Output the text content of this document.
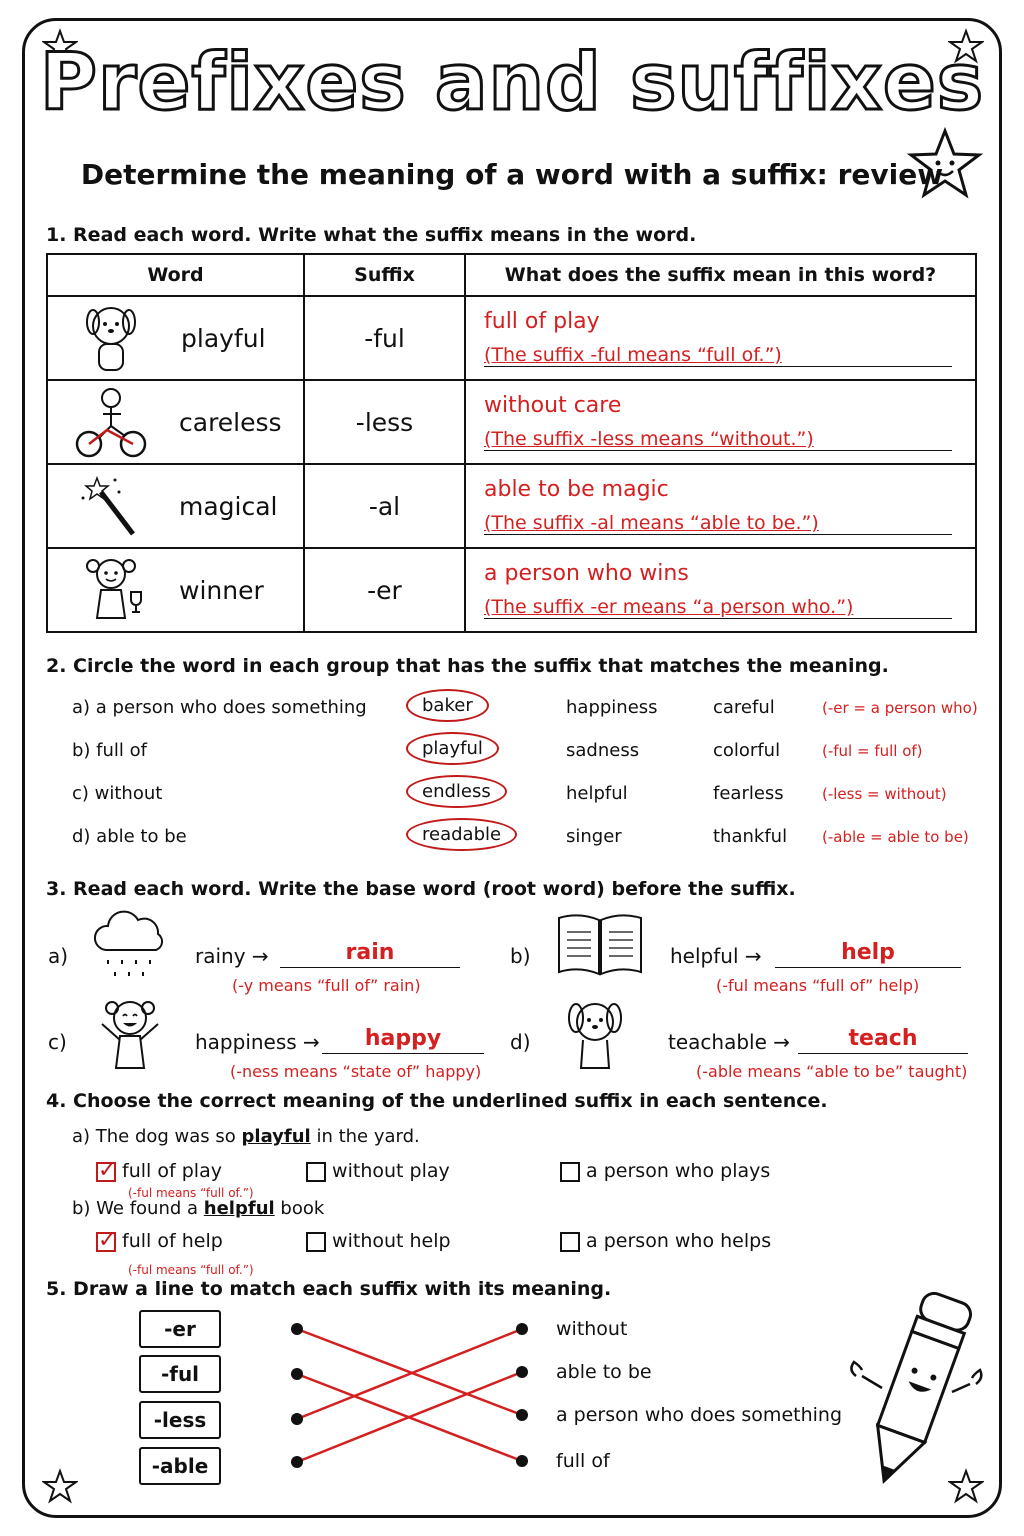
Prefixes and suffixes
Determine the meaning of a word with a suffix: review
1. Read each word. Write what the suffix means in the word.
Word	Suffix	What does the suffix mean in this word?

playful	-ful	full of play
(The suffix -ful means “full of.”)

careless	-less	without care
(The suffix -less means “without.”)

magical	-al	able to be magic
(The suffix -al means “able to be.”)

winner	-er	a person who wins
(The suffix -er means “a person who.”)
2. Circle the word in each group that has the suffix that matches the meaning.
a) a person who does something	baker	happiness	careful	(-er = a person who)
b) full of	playful	sadness	colorful	(-ful = full of)
c) without	endless	helpful	fearless	(-less = without)
d) able to be	readable	singer	thankful (-able = able to be)
3. Read each word. Write the base word (root word) before the suffix.
a)	rainy →	rain
(-y means “full of” rain)
b)	helpful →	help
(-ful means “full of” help)
c)	happiness →	happy
(-ness means “state of” happy)
d)	teachable →	teach
(-able means “able to be” taught)
4. Choose the correct meaning of the underlined suffix in each sentence.
a) The dog was so playful in the yard.
✓ full of play	without play	a person who plays
(-ful means “full of.”)
b) We found a helpful book
✓ full of help	without help	a person who helps
(-ful means “full of.”)
5. Draw a line to match each suffix with its meaning.
-er
-ful
-less
-able
without
able to be
a person who does something
full of
